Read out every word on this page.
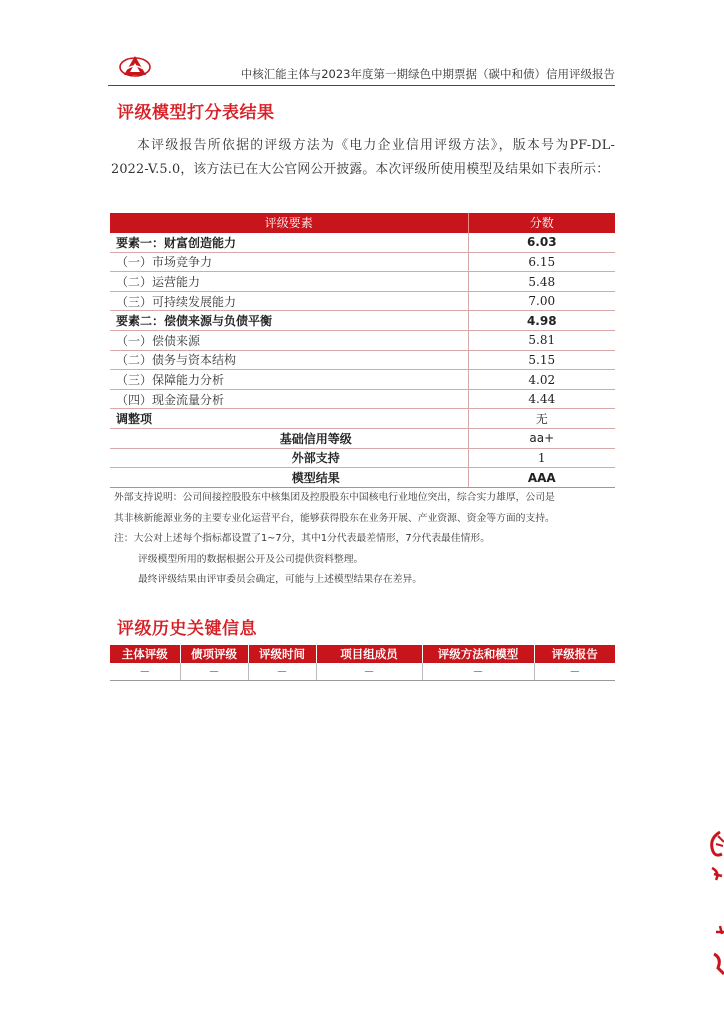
中核汇能主体与2023年度第一期绿色中期票据（碳中和债）信用评级报告
评级模型打分表结果

本评级报告所依据的评级方法为《电力企业信用评级方法》，版本号为PF-DL-2022-V.5.0，该方法已在大公官网公开披露。本次评级所使用模型及结果如下表所示：

评级要素	分数
要素一：财富创造能力	6.03
（一）市场竞争力	6.15
（二）运营能力	5.48
（三）可持续发展能力	7.00
要素二：偿债来源与负债平衡	4.98
（一）偿债来源	5.81
（二）债务与资本结构	5.15
（三）保障能力分析	4.02
（四）现金流量分析	4.44
调整项	无
基础信用等级	aa+
外部支持	1
模型结果	AAA

外部支持说明：公司间接控股股东中核集团及控股股东中国核电行业地位突出，综合实力雄厚，公司是

其非核新能源业务的主要专业化运营平台，能够获得股东在业务开展、产业资源、资金等方面的支持。

注：大公对上述每个指标都设置了1~7分，其中1分代表最差情形，7分代表最佳情形。

评级模型所用的数据根据公开及公司提供资料整理。

最终评级结果由评审委员会确定，可能与上述模型结果存在差异。

评级历史关键信息
主体评级	债项评级	评级时间	项目组成员	评级方法和模型	评级报告
－	－	－	－	－	－
